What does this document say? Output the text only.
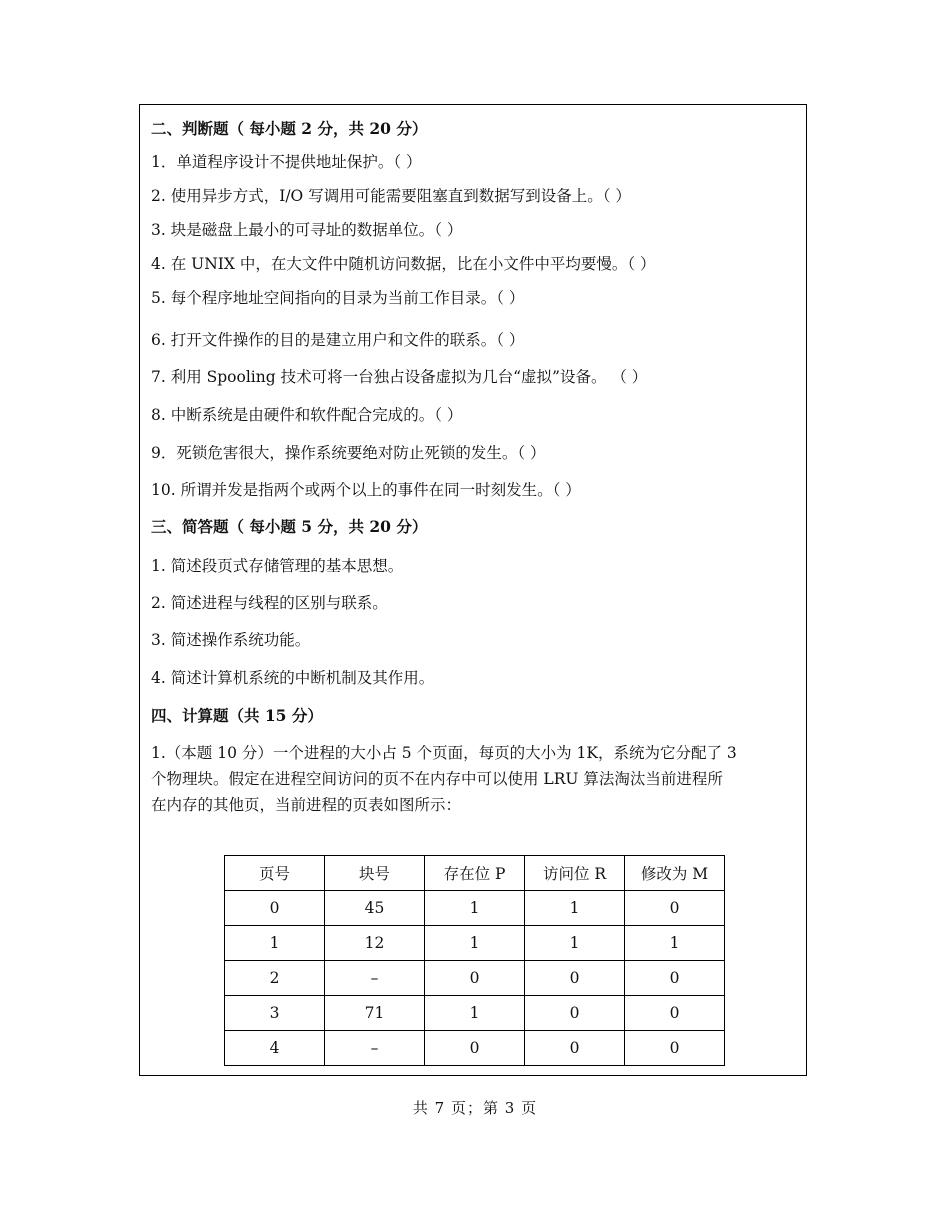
二、判断题（ 每小题 2 分，共 20 分）
1．单道程序设计不提供地址保护。（ ）
2. 使用异步方式，I/O 写调用可能需要阻塞直到数据写到设备上。（ ）
3. 块是磁盘上最小的可寻址的数据单位。（ ）
4. 在 UNIX 中，在大文件中随机访问数据，比在小文件中平均要慢。（ ）
5. 每个程序地址空间指向的目录为当前工作目录。（ ）
6. 打开文件操作的目的是建立用户和文件的联系。（ ）
7. 利用 Spooling 技术可将一台独占设备虚拟为几台“虚拟”设备。 （ ）
8. 中断系统是由硬件和软件配合完成的。（ ）
9．死锁危害很大，操作系统要绝对防止死锁的发生。（ ）
10. 所谓并发是指两个或两个以上的事件在同一时刻发生。（ ）
三、简答题（ 每小题 5 分，共 20 分）
1. 简述段页式存储管理的基本思想。
2. 简述进程与线程的区别与联系。
3. 简述操作系统功能。
4. 简述计算机系统的中断机制及其作用。
四、计算题（共 15 分）
1.（本题 10 分）一个进程的大小占 5 个页面，每页的大小为 1K，系统为它分配了 3
个物理块。假定在进程空间访问的页不在内存中可以使用 LRU 算法淘汰当前进程所
在内存的其他页，当前进程的页表如图所示：
页号	块号	存在位 P	访问位 R	修改为 M
0	45	1	1	0
1	12	1	1	1
2	–	0	0	0
3	71	1	0	0
4	–	0	0	0
共 7 页；第 3 页
